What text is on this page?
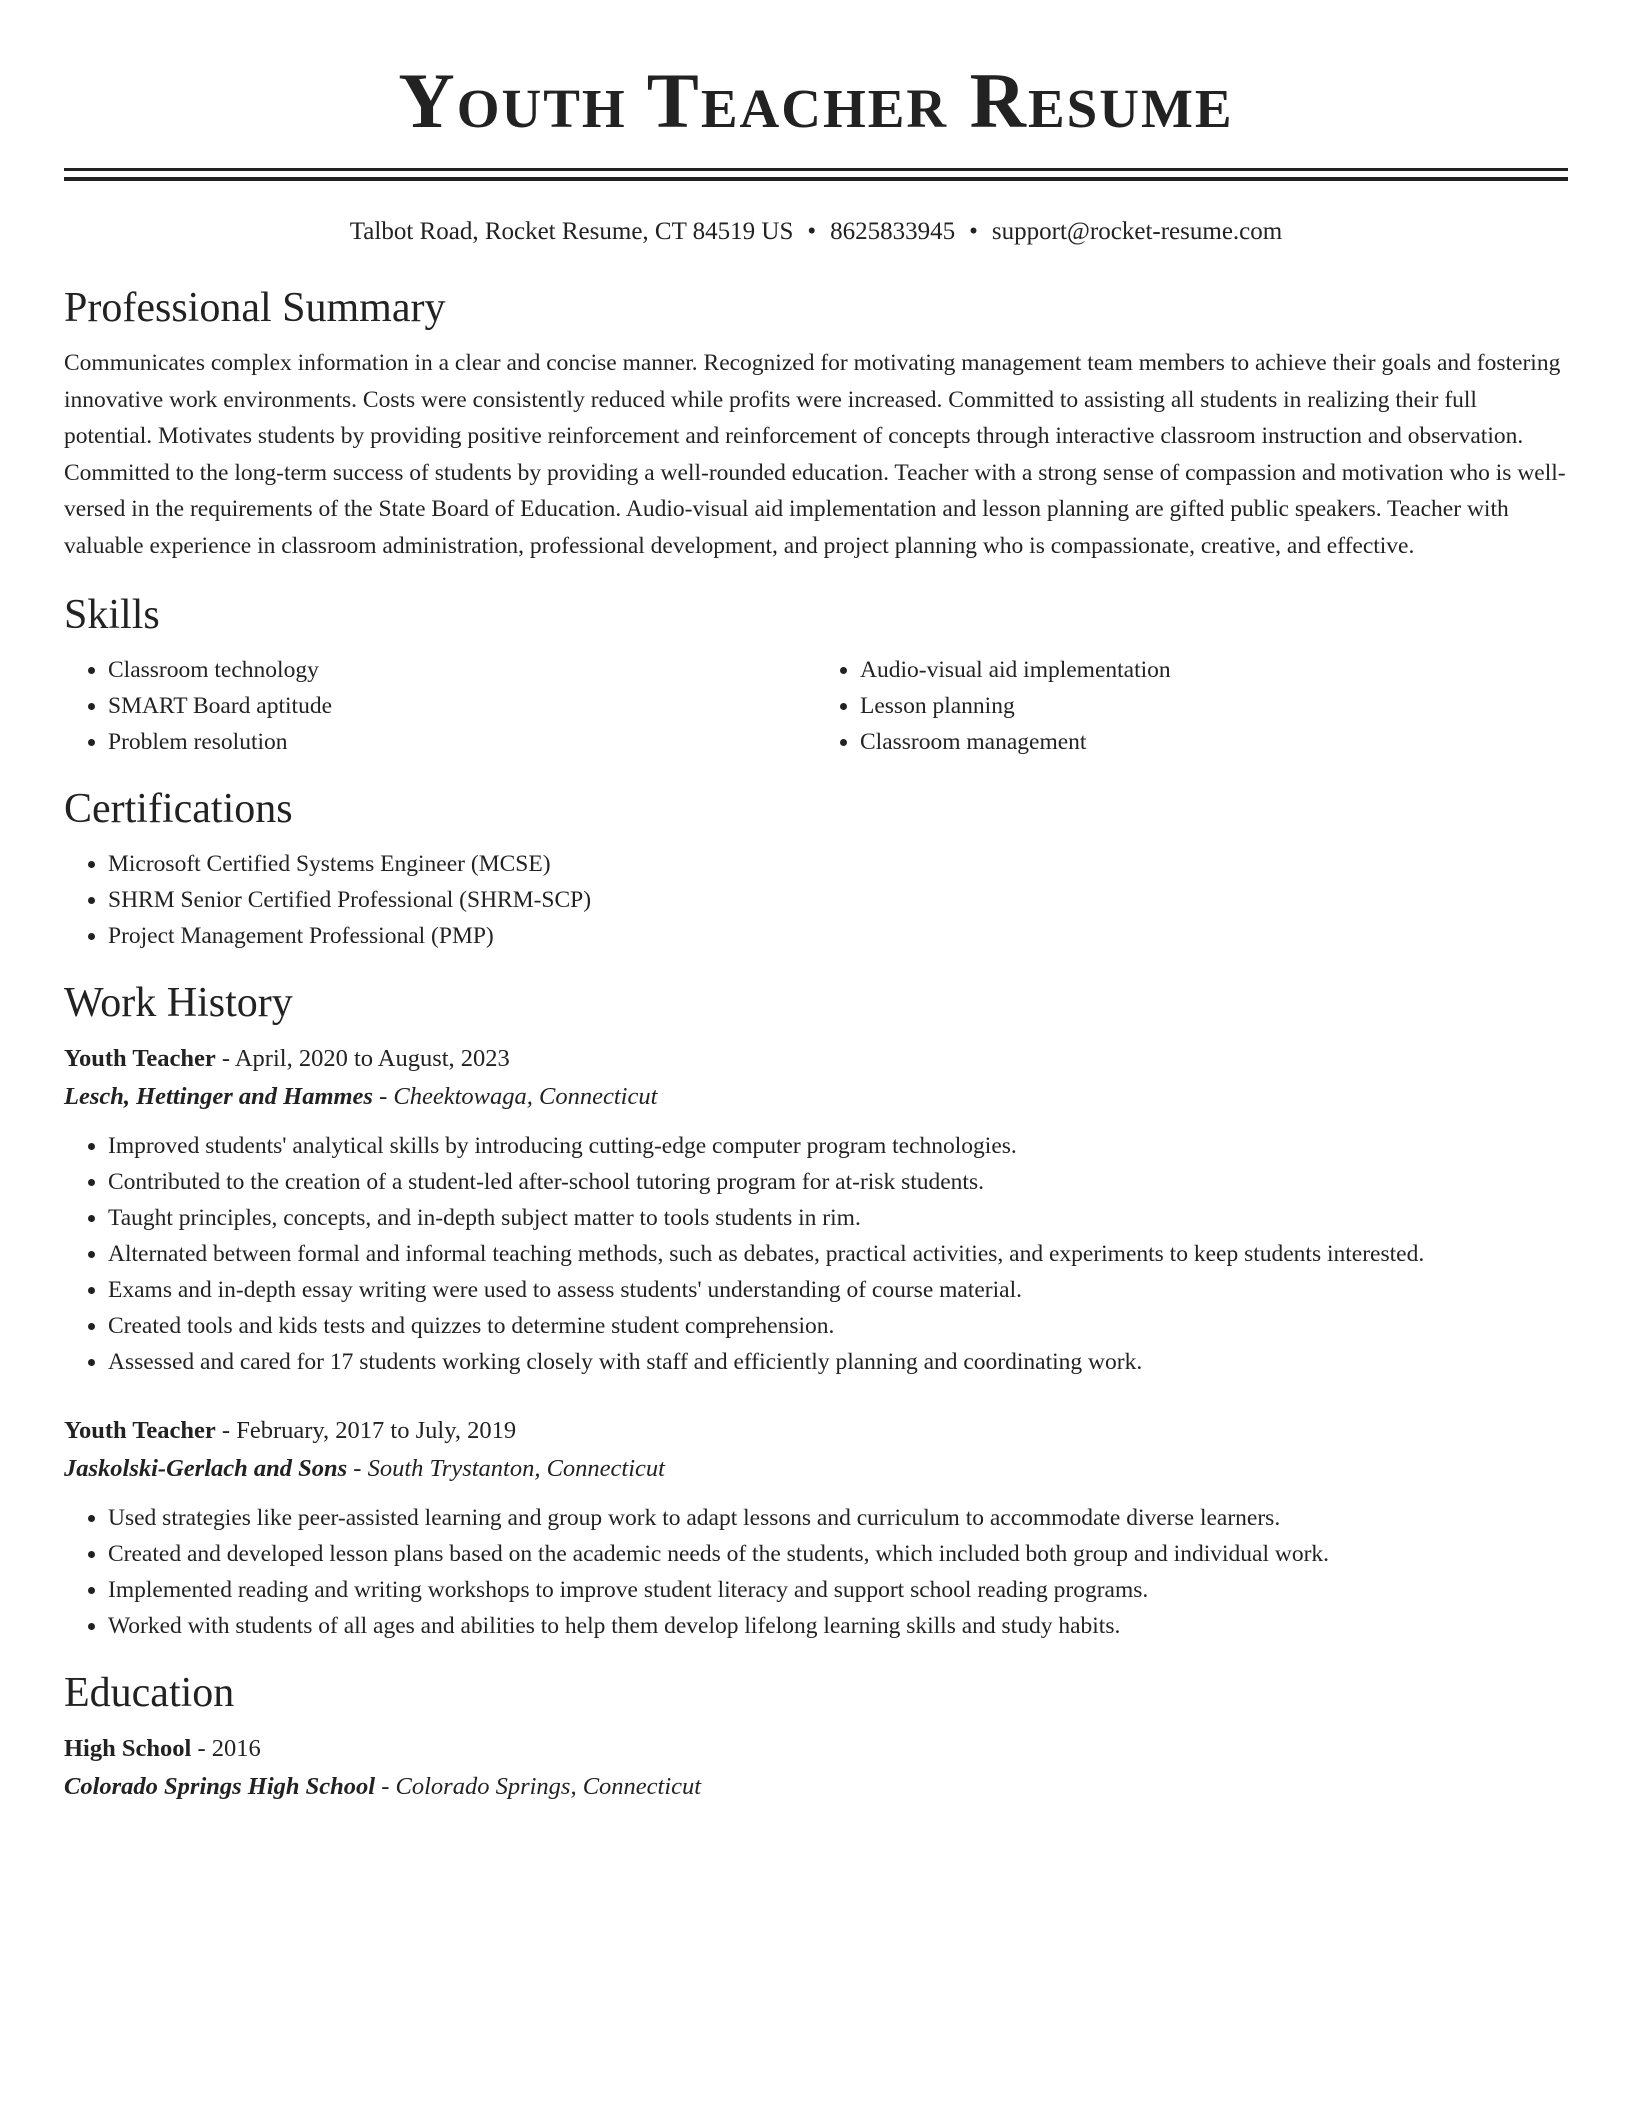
Youth Teacher Resume
Talbot Road, Rocket Resume, CT 84519 US • 8625833945 • support@rocket-resume.com
Professional Summary

Communicates complex information in a clear and concise manner. Recognized for motivating management team members to achieve their goals and fostering innovative work environments. Costs were consistently reduced while profits were increased. Committed to assisting all students in realizing their full potential. Motivates students by providing positive reinforcement and reinforcement of concepts through interactive classroom instruction and observation. Committed to the long-term success of students by providing a well-rounded education. Teacher with a strong sense of compassion and motivation who is well-versed in the requirements of the State Board of Education. Audio-visual aid implementation and lesson planning are gifted public speakers. Teacher with valuable experience in classroom administration, professional development, and project planning who is compassionate, creative, and effective.

Skills
• Classroom technology
• SMART Board aptitude
• Problem resolution
• Audio-visual aid implementation
• Lesson planning
• Classroom management
Certifications
• Microsoft Certified Systems Engineer (MCSE)
• SHRM Senior Certified Professional (SHRM-SCP)
• Project Management Professional (PMP)
Work History
Youth Teacher - April, 2020 to August, 2023
Lesch, Hettinger and Hammes - Cheektowaga, Connecticut
• Improved students' analytical skills by introducing cutting-edge computer program technologies.
• Contributed to the creation of a student-led after-school tutoring program for at-risk students.
• Taught principles, concepts, and in-depth subject matter to tools students in rim.
• Alternated between formal and informal teaching methods, such as debates, practical activities, and experiments to keep students interested.
• Exams and in-depth essay writing were used to assess students' understanding of course material.
• Created tools and kids tests and quizzes to determine student comprehension.
• Assessed and cared for 17 students working closely with staff and efficiently planning and coordinating work.
Youth Teacher - February, 2017 to July, 2019
Jaskolski-Gerlach and Sons - South Trystanton, Connecticut
• Used strategies like peer-assisted learning and group work to adapt lessons and curriculum to accommodate diverse learners.
• Created and developed lesson plans based on the academic needs of the students, which included both group and individual work.
• Implemented reading and writing workshops to improve student literacy and support school reading programs.
• Worked with students of all ages and abilities to help them develop lifelong learning skills and study habits.
Education
High School - 2016
Colorado Springs High School - Colorado Springs, Connecticut
